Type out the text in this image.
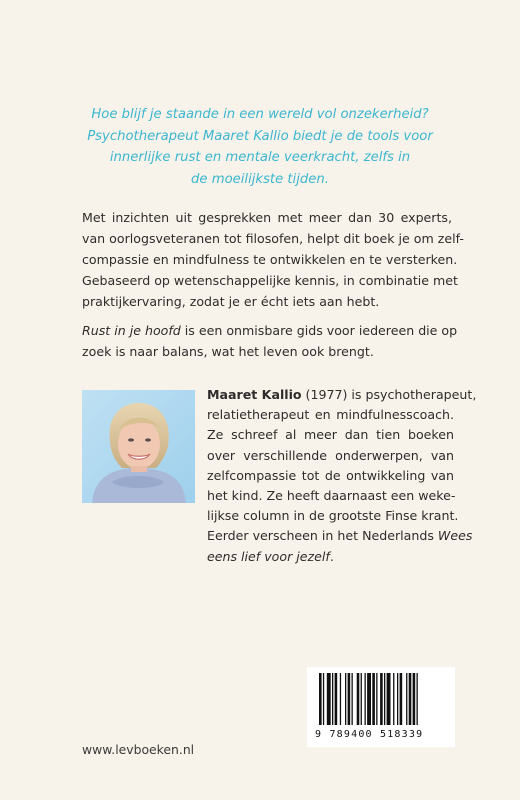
Hoe blijf je staande in een wereld vol onzekerheid?
Psychotherapeut Maaret Kallio biedt je de tools voor
innerlijke rust en mentale veerkracht, zelfs in
de moeilijkste tijden.
Met inzichten uit gesprekken met meer dan 30 experts,
van oorlogsveteranen tot filosofen, helpt dit boek je om zelf-
compassie en mindfulness te ontwikkelen en te versterken.
Gebaseerd op wetenschappelijke kennis, in combinatie met
praktijkervaring, zodat je er écht iets aan hebt.
Rust in je hoofd is een onmisbare gids voor iedereen die op
zoek is naar balans, wat het leven ook brengt.
Maaret Kallio (1977) is psychotherapeut,
relatietherapeut en mindfulnesscoach.
Ze schreef al meer dan tien boeken
over verschillende onderwerpen, van
zelfcompassie tot de ontwikkeling van
het kind. Ze heeft daarnaast een weke-
lijkse column in de grootste Finse krant.
Eerder verscheen in het Nederlands Wees
eens lief voor jezelf.
www.levboeken.nl
9 789400 518339
